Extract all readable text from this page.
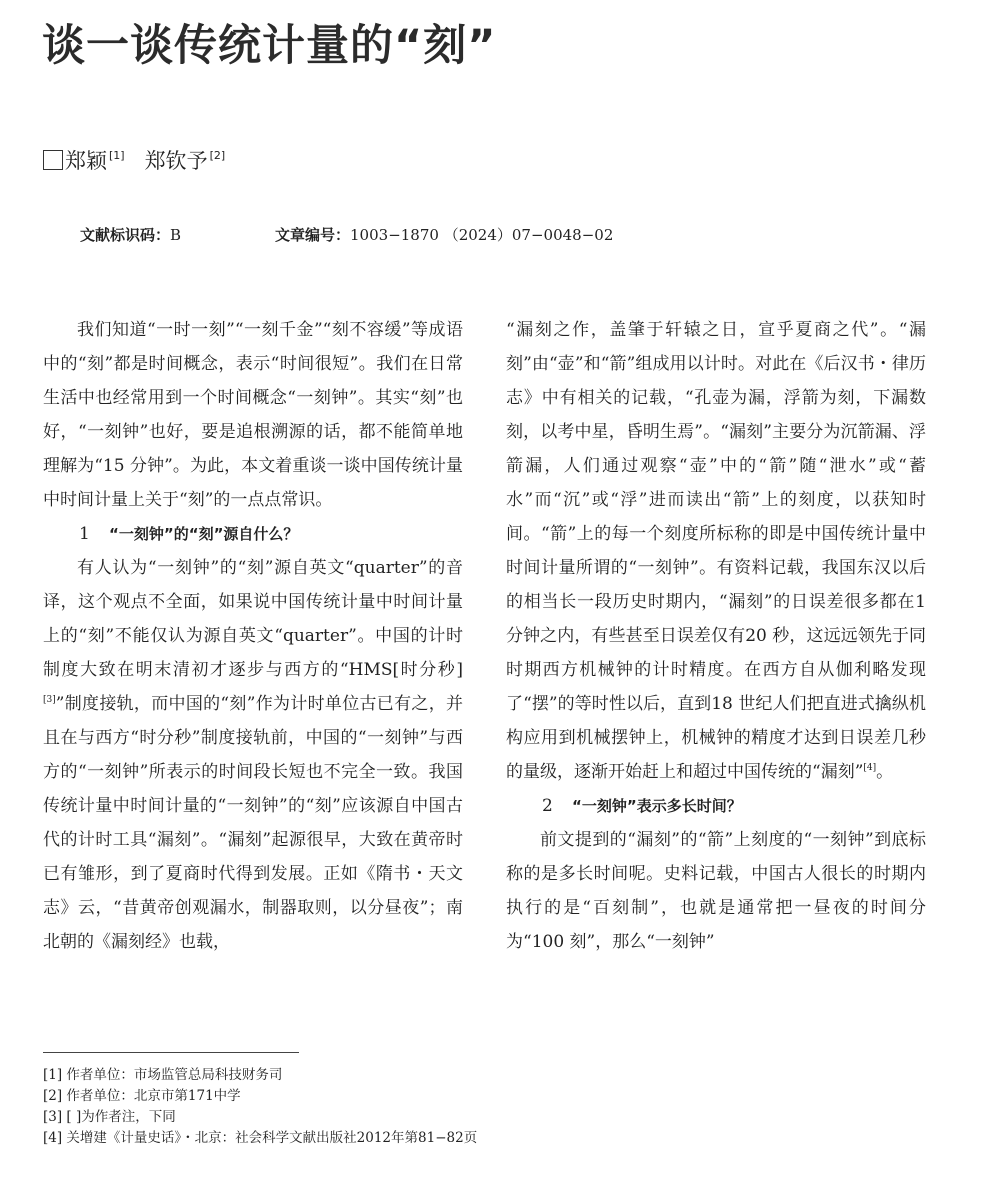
谈一谈传统计量的“刻”
郑颖 [1] 郑钦予 [2]
文献标识码：B	文章编号：1003−1870 （2024）07−0048−02

我们知道“一时一刻”“一刻千金”“刻不容缓”等成语中的“刻”都是时间概念，表示“时间很短”。我们在日常生活中也经常用到一个时间概念“一刻钟”。其实“刻”也好，“一刻钟”也好，要是追根溯源的话，都不能简单地理解为“15 分钟”。为此，本文着重谈一谈中国传统计量中时间计量上关于“刻”的一点点常识。

1 “一刻钟”的“刻”源自什么？

有人认为“一刻钟”的“刻”源自英文“quarter”的音译，这个观点不全面，如果说中国传统计量中时间计量上的“刻”不能仅认为源自英文“quarter”。中国的计时制度大致在明末清初才逐步与西方的“HMS[时分秒][3]”制度接轨，而中国的“刻”作为计时单位古已有之，并且在与西方“时分秒”制度接轨前，中国的“一刻钟”与西方的“一刻钟”所表示的时间段长短也不完全一致。我国传统计量中时间计量的“一刻钟”的“刻”应该源自中国古代的计时工具“漏刻”。“漏刻”起源很早，大致在黄帝时已有雏形，到了夏商时代得到发展。正如《隋书・天文志》云，“昔黄帝创观漏水，制器取则，以分昼夜”；南北朝的《漏刻经》也载，

“漏刻之作，盖肇于轩辕之日，宣乎夏商之代”。“漏刻”由“壶”和“箭”组成用以计时。对此在《后汉书・律历志》中有相关的记载，“孔壶为漏，浮箭为刻，下漏数刻，以考中星，昏明生焉”。“漏刻”主要分为沉箭漏、浮箭漏，人们通过观察“壶”中的“箭”随“泄水”或“蓄水”而“沉”或“浮”进而读出“箭”上的刻度，以获知时间。“箭”上的每一个刻度所标称的即是中国传统计量中时间计量所谓的“一刻钟”。有资料记载，我国东汉以后的相当长一段历史时期内，“漏刻”的日误差很多都在1 分钟之内，有些甚至日误差仅有20 秒，这远远领先于同时期西方机械钟的计时精度。在西方自从伽利略发现了“摆”的等时性以后，直到18 世纪人们把直进式擒纵机构应用到机械摆钟上，机械钟的精度才达到日误差几秒的量级，逐渐开始赶上和超过中国传统的“漏刻”[4]。

2 “一刻钟”表示多长时间？

前文提到的“漏刻”的“箭”上刻度的“一刻钟”到底标称的是多长时间呢。史料记载，中国古人很长的时期内执行的是“百刻制”，也就是通常把一昼夜的时间分为“100 刻”，那么“一刻钟”

[1] 作者单位：市场监管总局科技财务司
[2] 作者单位：北京市第171中学
[3] [ ]为作者注，下同
[4] 关增建《计量史话》・北京：社会科学文献出版社2012年第81−82页
